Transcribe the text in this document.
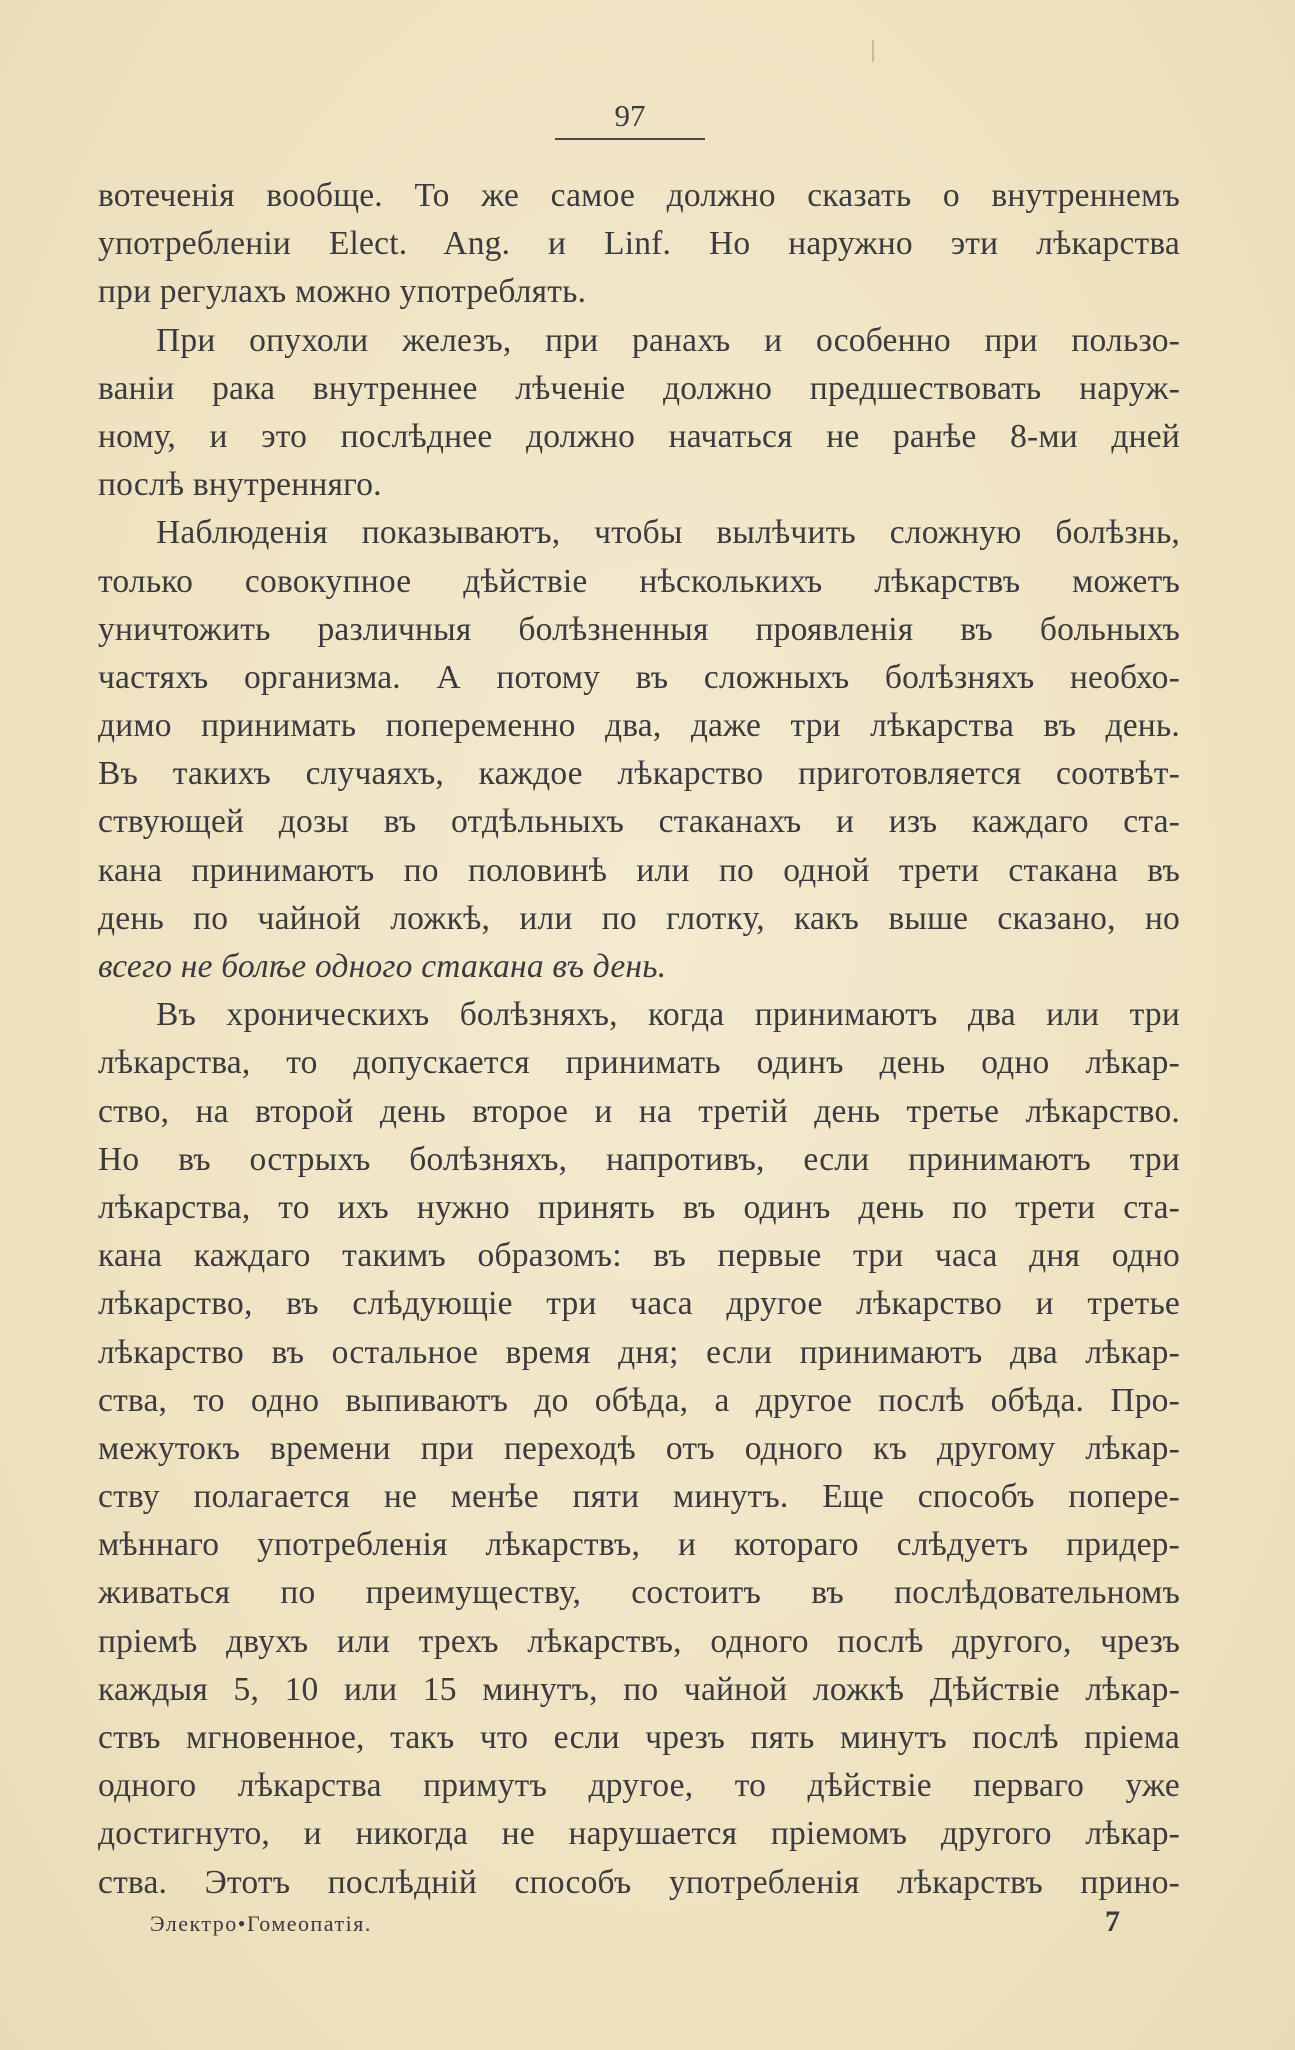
97
вотеченія вообще. То же самое должно сказать о внутреннемъ
употребленіи Elect. Ang. и Linf. Но наружно эти лѣкарства
при регулахъ можно употреблять.
При опухоли железъ, при ранахъ и особенно при пользо-
ваніи рака внутреннее лѣченіе должно предшествовать наруж-
ному, и это послѣднее должно начаться не ранѣе 8-ми дней
послѣ внутренняго.
Наблюденія показываютъ, чтобы вылѣчить сложную болѣзнь,
только совокупное дѣйствіе нѣсколькихъ лѣкарствъ можетъ
уничтожить различныя болѣзненныя проявленія въ больныхъ
частяхъ организма. А потому въ сложныхъ болѣзняхъ необхо-
димо принимать попеременно два, даже три лѣкарства въ день.
Въ такихъ случаяхъ, каждое лѣкарство приготовляется соотвѣт-
ствующей дозы въ отдѣльныхъ стаканахъ и изъ каждаго ста-
кана принимаютъ по половинѣ или по одной трети стакана въ
день по чайной ложкѣ, или по глотку, какъ выше сказано, но
всего не болѣе одного стакана въ день.
Въ хроническихъ болѣзняхъ, когда принимаютъ два или три
лѣкарства, то допускается принимать одинъ день одно лѣкар-
ство, на второй день второе и на третій день третье лѣкарство.
Но въ острыхъ болѣзняхъ, напротивъ, если принимаютъ три
лѣкарства, то ихъ нужно принять въ одинъ день по трети ста-
кана каждаго такимъ образомъ: въ первые три часа дня одно
лѣкарство, въ слѣдующіе три часа другое лѣкарство и третье
лѣкарство въ остальное время дня; если принимаютъ два лѣкар-
ства, то одно выпиваютъ до обѣда, а другое послѣ обѣда. Про-
межутокъ времени при переходѣ отъ одного къ другому лѣкар-
ству полагается не менѣе пяти минутъ. Еще способъ попере-
мѣннаго употребленія лѣкарствъ, и котораго слѣдуетъ придер-
живаться по преимуществу, состоитъ въ послѣдовательномъ
пріемѣ двухъ или трехъ лѣкарствъ, одного послѣ другого, чрезъ
каждыя 5, 10 или 15 минутъ, по чайной ложкѣ Дѣйствіе лѣкар-
ствъ мгновенное, такъ что если чрезъ пять минутъ послѣ пріема
одного лѣкарства примутъ другое, то дѣйствіе перваго уже
достигнуто, и никогда не нарушается пріемомъ другого лѣкар-
ства. Этотъ послѣдній способъ употребленія лѣкарствъ прино-
Электро•Гомеопатія.	7
